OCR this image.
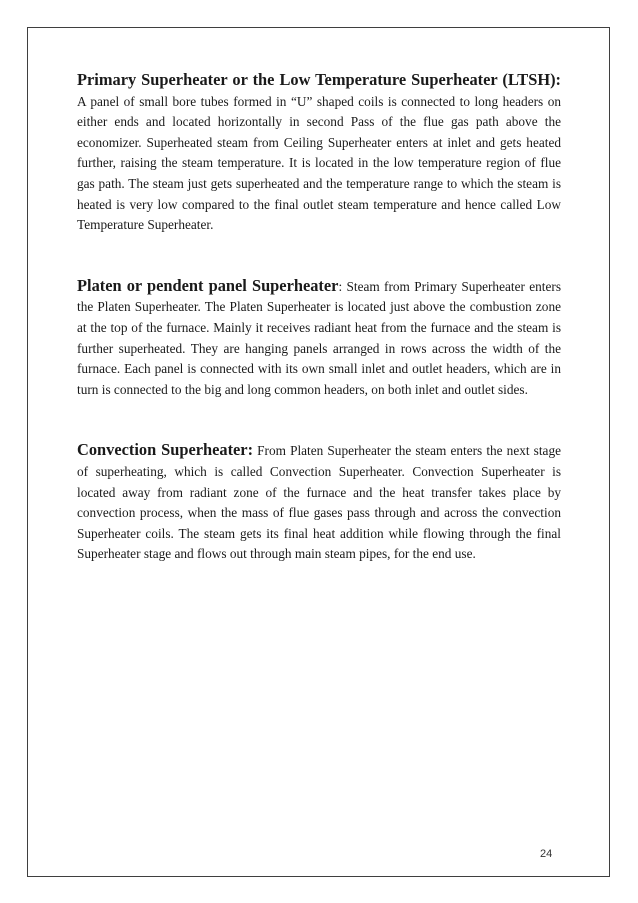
Primary Superheater or the Low Temperature Superheater (LTSH): A panel of small bore tubes formed in “U” shaped coils is connected to long headers on either ends and located horizontally in second Pass of the flue gas path above the economizer. Superheated steam from Ceiling Superheater enters at inlet and gets heated further, raising the steam temperature. It is located in the low temperature region of flue gas path. The steam just gets superheated and the temperature range to which the steam is heated is very low compared to the final outlet steam temperature and hence called Low Temperature Superheater.

Platen or pendent panel Superheater: Steam from Primary Superheater enters the Platen Superheater. The Platen Superheater is located just above the combustion zone at the top of the furnace. Mainly it receives radiant heat from the furnace and the steam is further superheated. They are hanging panels arranged in rows across the width of the furnace. Each panel is connected with its own small inlet and outlet headers, which are in turn is connected to the big and long common headers, on both inlet and outlet sides.

Convection Superheater: From Platen Superheater the steam enters the next stage of superheating, which is called Convection Superheater. Convection Superheater is located away from radiant zone of the furnace and the heat transfer takes place by convection process, when the mass of flue gases pass through and across the convection Superheater coils. The steam gets its final heat addition while flowing through the final Superheater stage and flows out through main steam pipes, for the end use.

24
